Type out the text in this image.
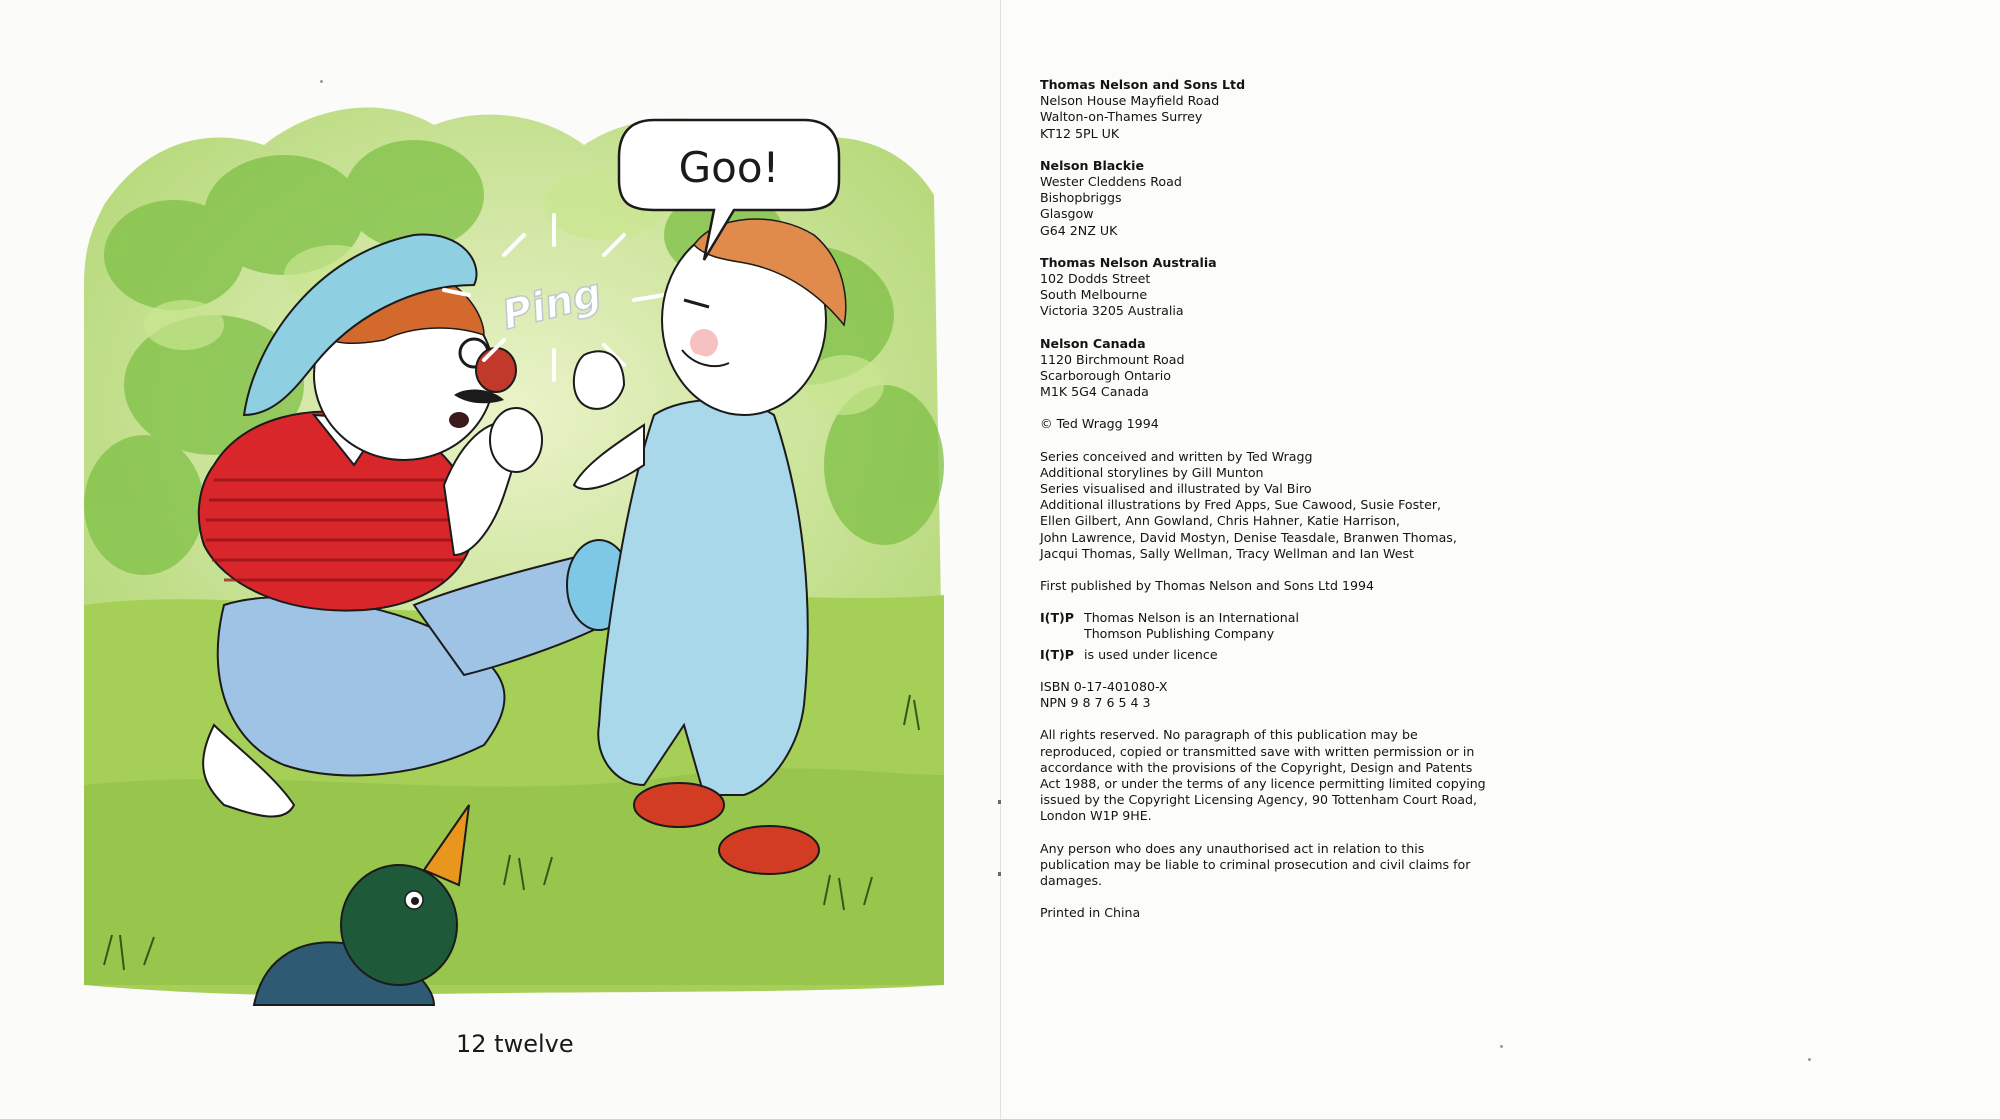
Ping
Goo!
12 twelve
Thomas Nelson and Sons Ltd
Nelson House Mayfield Road
Walton-on-Thames Surrey
KT12 5PL UK
Nelson Blackie
Wester Cleddens Road
Bishopbriggs
Glasgow
G64 2NZ UK
Thomas Nelson Australia
102 Dodds Street
South Melbourne
Victoria 3205 Australia
Nelson Canada
1120 Birchmount Road
Scarborough Ontario
M1K 5G4 Canada
© Ted Wragg 1994
Series conceived and written by Ted Wragg
Additional storylines by Gill Munton
Series visualised and illustrated by Val Biro
Additional illustrations by Fred Apps, Sue Cawood, Susie Foster,
Ellen Gilbert, Ann Gowland, Chris Hahner, Katie Harrison,
John Lawrence, David Mostyn, Denise Teasdale, Branwen Thomas,
Jacqui Thomas, Sally Wellman, Tracy Wellman and Ian West
First published by Thomas Nelson and Sons Ltd 1994
I(T)P Thomas Nelson is an International
Thomson Publishing Company
I(T)P is used under licence
ISBN 0-17-401080-X
NPN 9 8 7 6 5 4 3
All rights reserved. No paragraph of this publication may be
reproduced, copied or transmitted save with written permission or in
accordance with the provisions of the Copyright, Design and Patents
Act 1988, or under the terms of any licence permitting limited copying
issued by the Copyright Licensing Agency, 90 Tottenham Court Road,
London W1P 9HE.
Any person who does any unauthorised act in relation to this
publication may be liable to criminal prosecution and civil claims for
damages.
Printed in China
